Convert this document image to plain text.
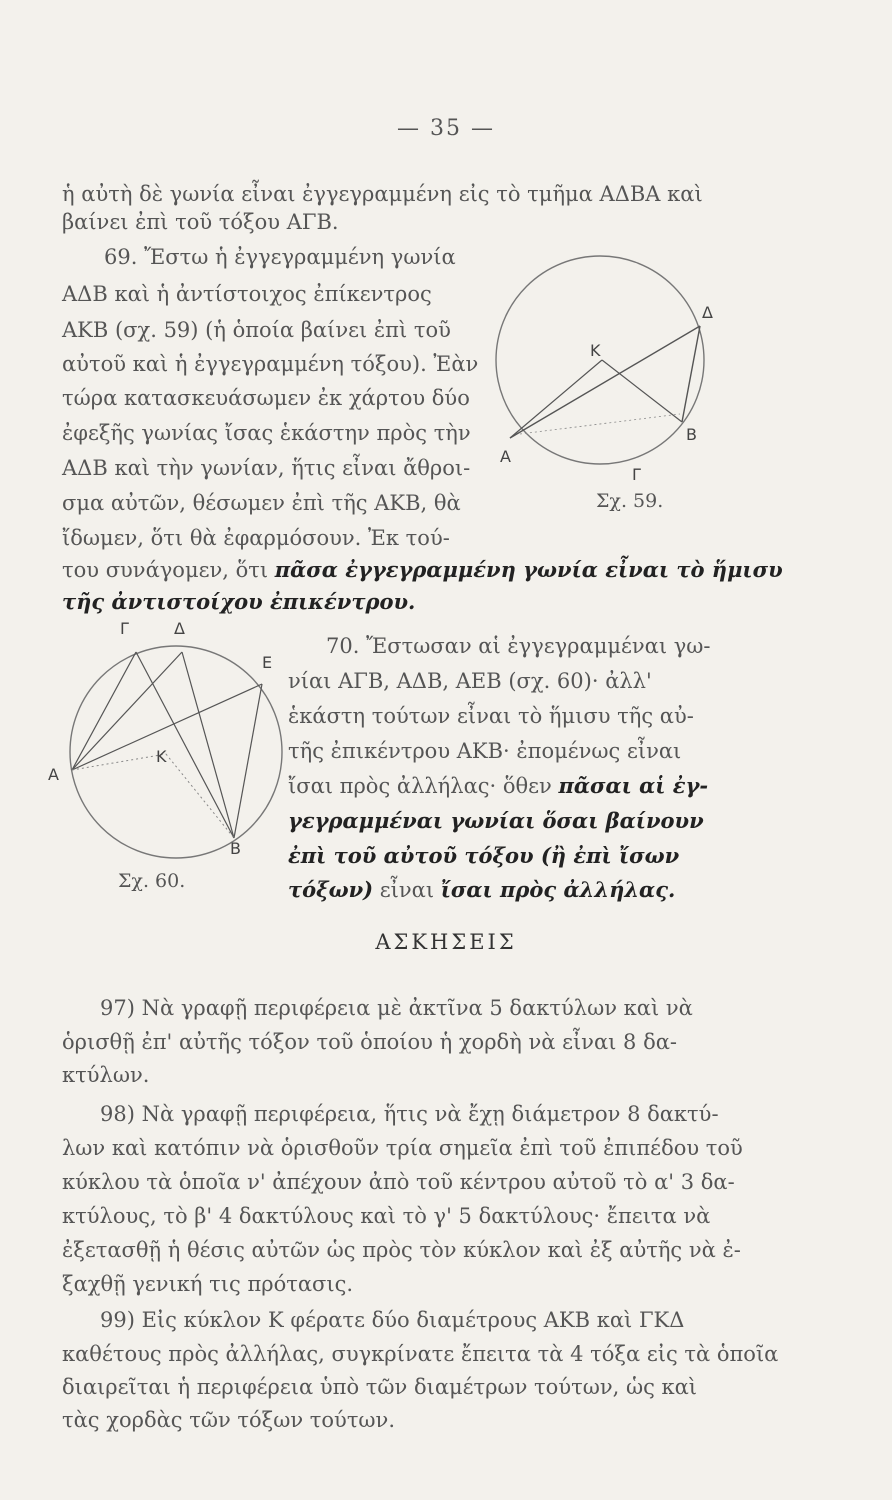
— 35 —
ἡ αὐτὴ δὲ γωνία εἶναι ἐγγεγραμμένη εἰς τὸ τμῆμα ΑΔΒΑ καὶ
βαίνει ἐπὶ τοῦ τόξου ΑΓΒ.
69. Ἔστω ἡ ἐγγεγραμμένη γωνία
ΑΔΒ καὶ ἡ ἀντίστοιχος ἐπίκεντρος
ΑΚΒ (σχ. 59) (ἡ ὁποία βαίνει ἐπὶ τοῦ
αὐτοῦ καὶ ἡ ἐγγεγραμμένη τόξου). Ἐὰν
τώρα κατασκευάσωμεν ἐκ χάρτου δύο
ἐφεξῆς γωνίας ἴσας ἑκάστην πρὸς τὴν
ΑΔΒ καὶ τὴν γωνίαν, ἥτις εἶναι ἄθροι-
σμα αὐτῶν, θέσωμεν ἐπὶ τῆς ΑΚΒ, θὰ
ἴδωμεν, ὅτι θὰ ἐφαρμόσουν. Ἐκ τού-
του συνάγομεν, ὅτι πᾶσα ἐγγεγραμμένη γωνία εἶναι τὸ ἥμισυ
τῆς ἀντιστοίχου ἐπικέντρου.
Α
Β
Γ
Δ
Κ
Σχ. 59.
70. Ἔστωσαν αἱ ἐγγεγραμμέναι γω-
νίαι ΑΓΒ, ΑΔΒ, ΑΕΒ (σχ. 60)· ἀλλ'
ἑκάστη τούτων εἶναι τὸ ἥμισυ τῆς αὐ-
τῆς ἐπικέντρου ΑΚΒ· ἐπομένως εἶναι
ἴσαι πρὸς ἀλλήλας· ὅθεν πᾶσαι αἱ ἐγ-
γεγραμμέναι γωνίαι ὅσαι βαίνουν
ἐπὶ τοῦ αὐτοῦ τόξου (ἢ ἐπὶ ἴσων
τόξων) εἶναι ἴσαι πρὸς ἀλλήλας.
Α
Β
Γ	Δ
Ε
Κ
Σχ. 60.
ΑΣΚΗΣΕΙΣ
97) Νὰ γραφῇ περιφέρεια μὲ ἀκτῖνα 5 δακτύλων καὶ νὰ
ὁρισθῇ ἐπ' αὐτῆς τόξον τοῦ ὁποίου ἡ χορδὴ νὰ εἶναι 8 δα-
κτύλων.
98) Νὰ γραφῇ περιφέρεια, ἥτις νὰ ἔχῃ διάμετρον 8 δακτύ-
λων καὶ κατόπιν νὰ ὁρισθοῦν τρία σημεῖα ἐπὶ τοῦ ἐπιπέδου τοῦ
κύκλου τὰ ὁποῖα ν' ἀπέχουν ἀπὸ τοῦ κέντρου αὐτοῦ τὸ α' 3 δα-
κτύλους, τὸ β' 4 δακτύλους καὶ τὸ γ' 5 δακτύλους· ἔπειτα νὰ
ἐξετασθῇ ἡ θέσις αὐτῶν ὡς πρὸς τὸν κύκλον καὶ ἐξ αὐτῆς νὰ ἐ-
ξαχθῇ γενική τις πρότασις.
99) Εἰς κύκλον Κ φέρατε δύο διαμέτρους ΑΚΒ καὶ ΓΚΔ
καθέτους πρὸς ἀλλήλας, συγκρίνατε ἔπειτα τὰ 4 τόξα εἰς τὰ ὁποῖα
διαιρεῖται ἡ περιφέρεια ὑπὸ τῶν διαμέτρων τούτων, ὡς καὶ
τὰς χορδὰς τῶν τόξων τούτων.
